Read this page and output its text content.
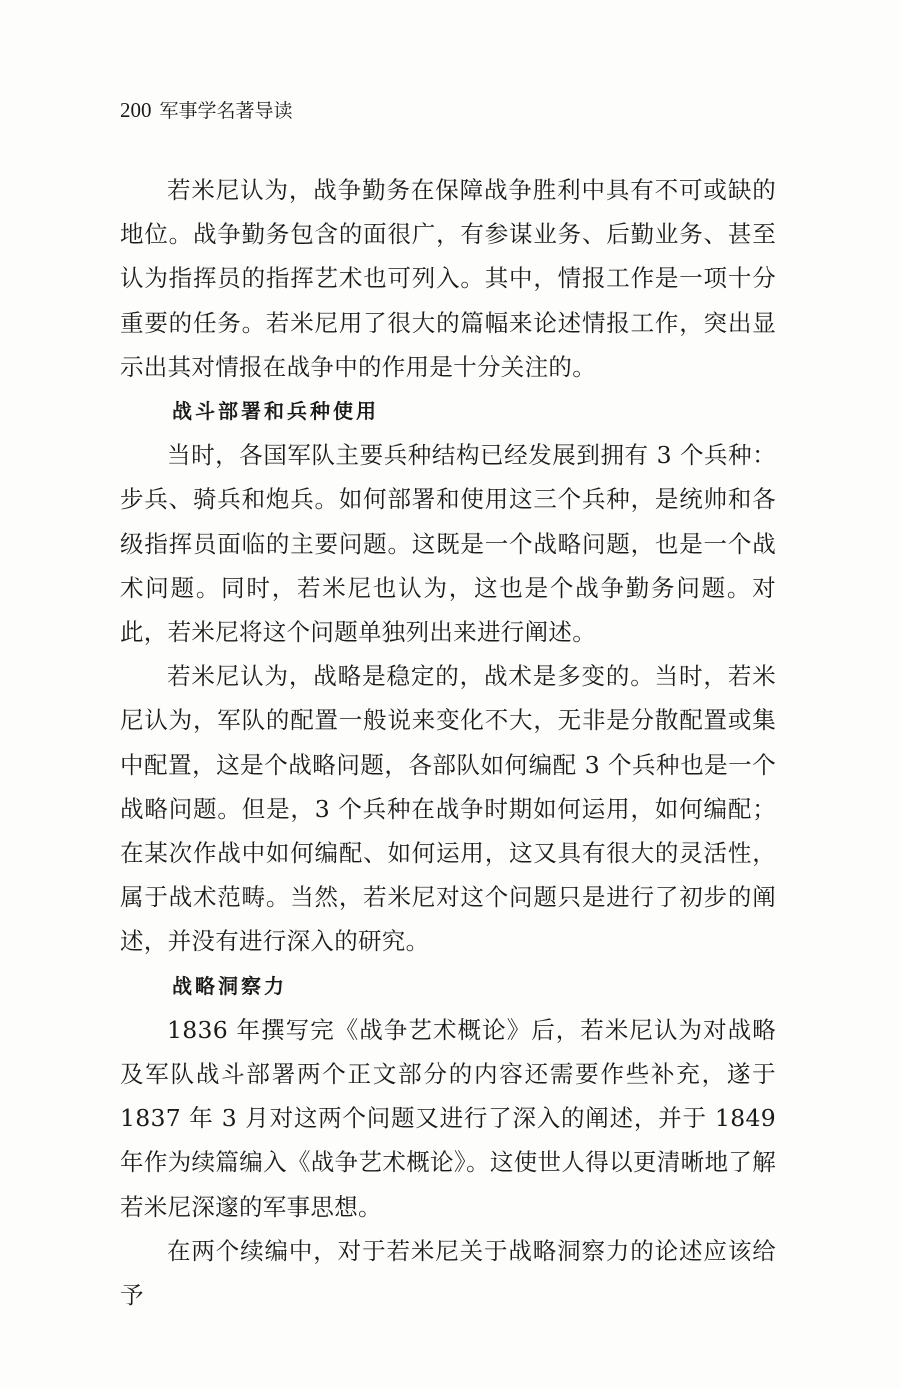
200 军事学名著导读

若米尼认为，战争勤务在保障战争胜利中具有不可或缺的地位。战争勤务包含的面很广，有参谋业务、后勤业务、甚至认为指挥员的指挥艺术也可列入。其中，情报工作是一项十分重要的任务。若米尼用了很大的篇幅来论述情报工作，突出显示出其对情报在战争中的作用是十分关注的。

战斗部署和兵种使用

当时，各国军队主要兵种结构已经发展到拥有 3 个兵种：步兵、骑兵和炮兵。如何部署和使用这三个兵种，是统帅和各级指挥员面临的主要问题。这既是一个战略问题，也是一个战术问题。同时，若米尼也认为，这也是个战争勤务问题。对此，若米尼将这个问题单独列出来进行阐述。

若米尼认为，战略是稳定的，战术是多变的。当时，若米尼认为，军队的配置一般说来变化不大，无非是分散配置或集中配置，这是个战略问题，各部队如何编配 3 个兵种也是一个战略问题。但是，3 个兵种在战争时期如何运用，如何编配；在某次作战中如何编配、如何运用，这又具有很大的灵活性，属于战术范畴。当然，若米尼对这个问题只是进行了初步的阐述，并没有进行深入的研究。

战略洞察力

1836 年撰写完《战争艺术概论》后，若米尼认为对战略及军队战斗部署两个正文部分的内容还需要作些补充，遂于 1837 年 3 月对这两个问题又进行了深入的阐述，并于 1849 年作为续篇编入《战争艺术概论》。这使世人得以更清晰地了解若米尼深邃的军事思想。

在两个续编中，对于若米尼关于战略洞察力的论述应该给予
